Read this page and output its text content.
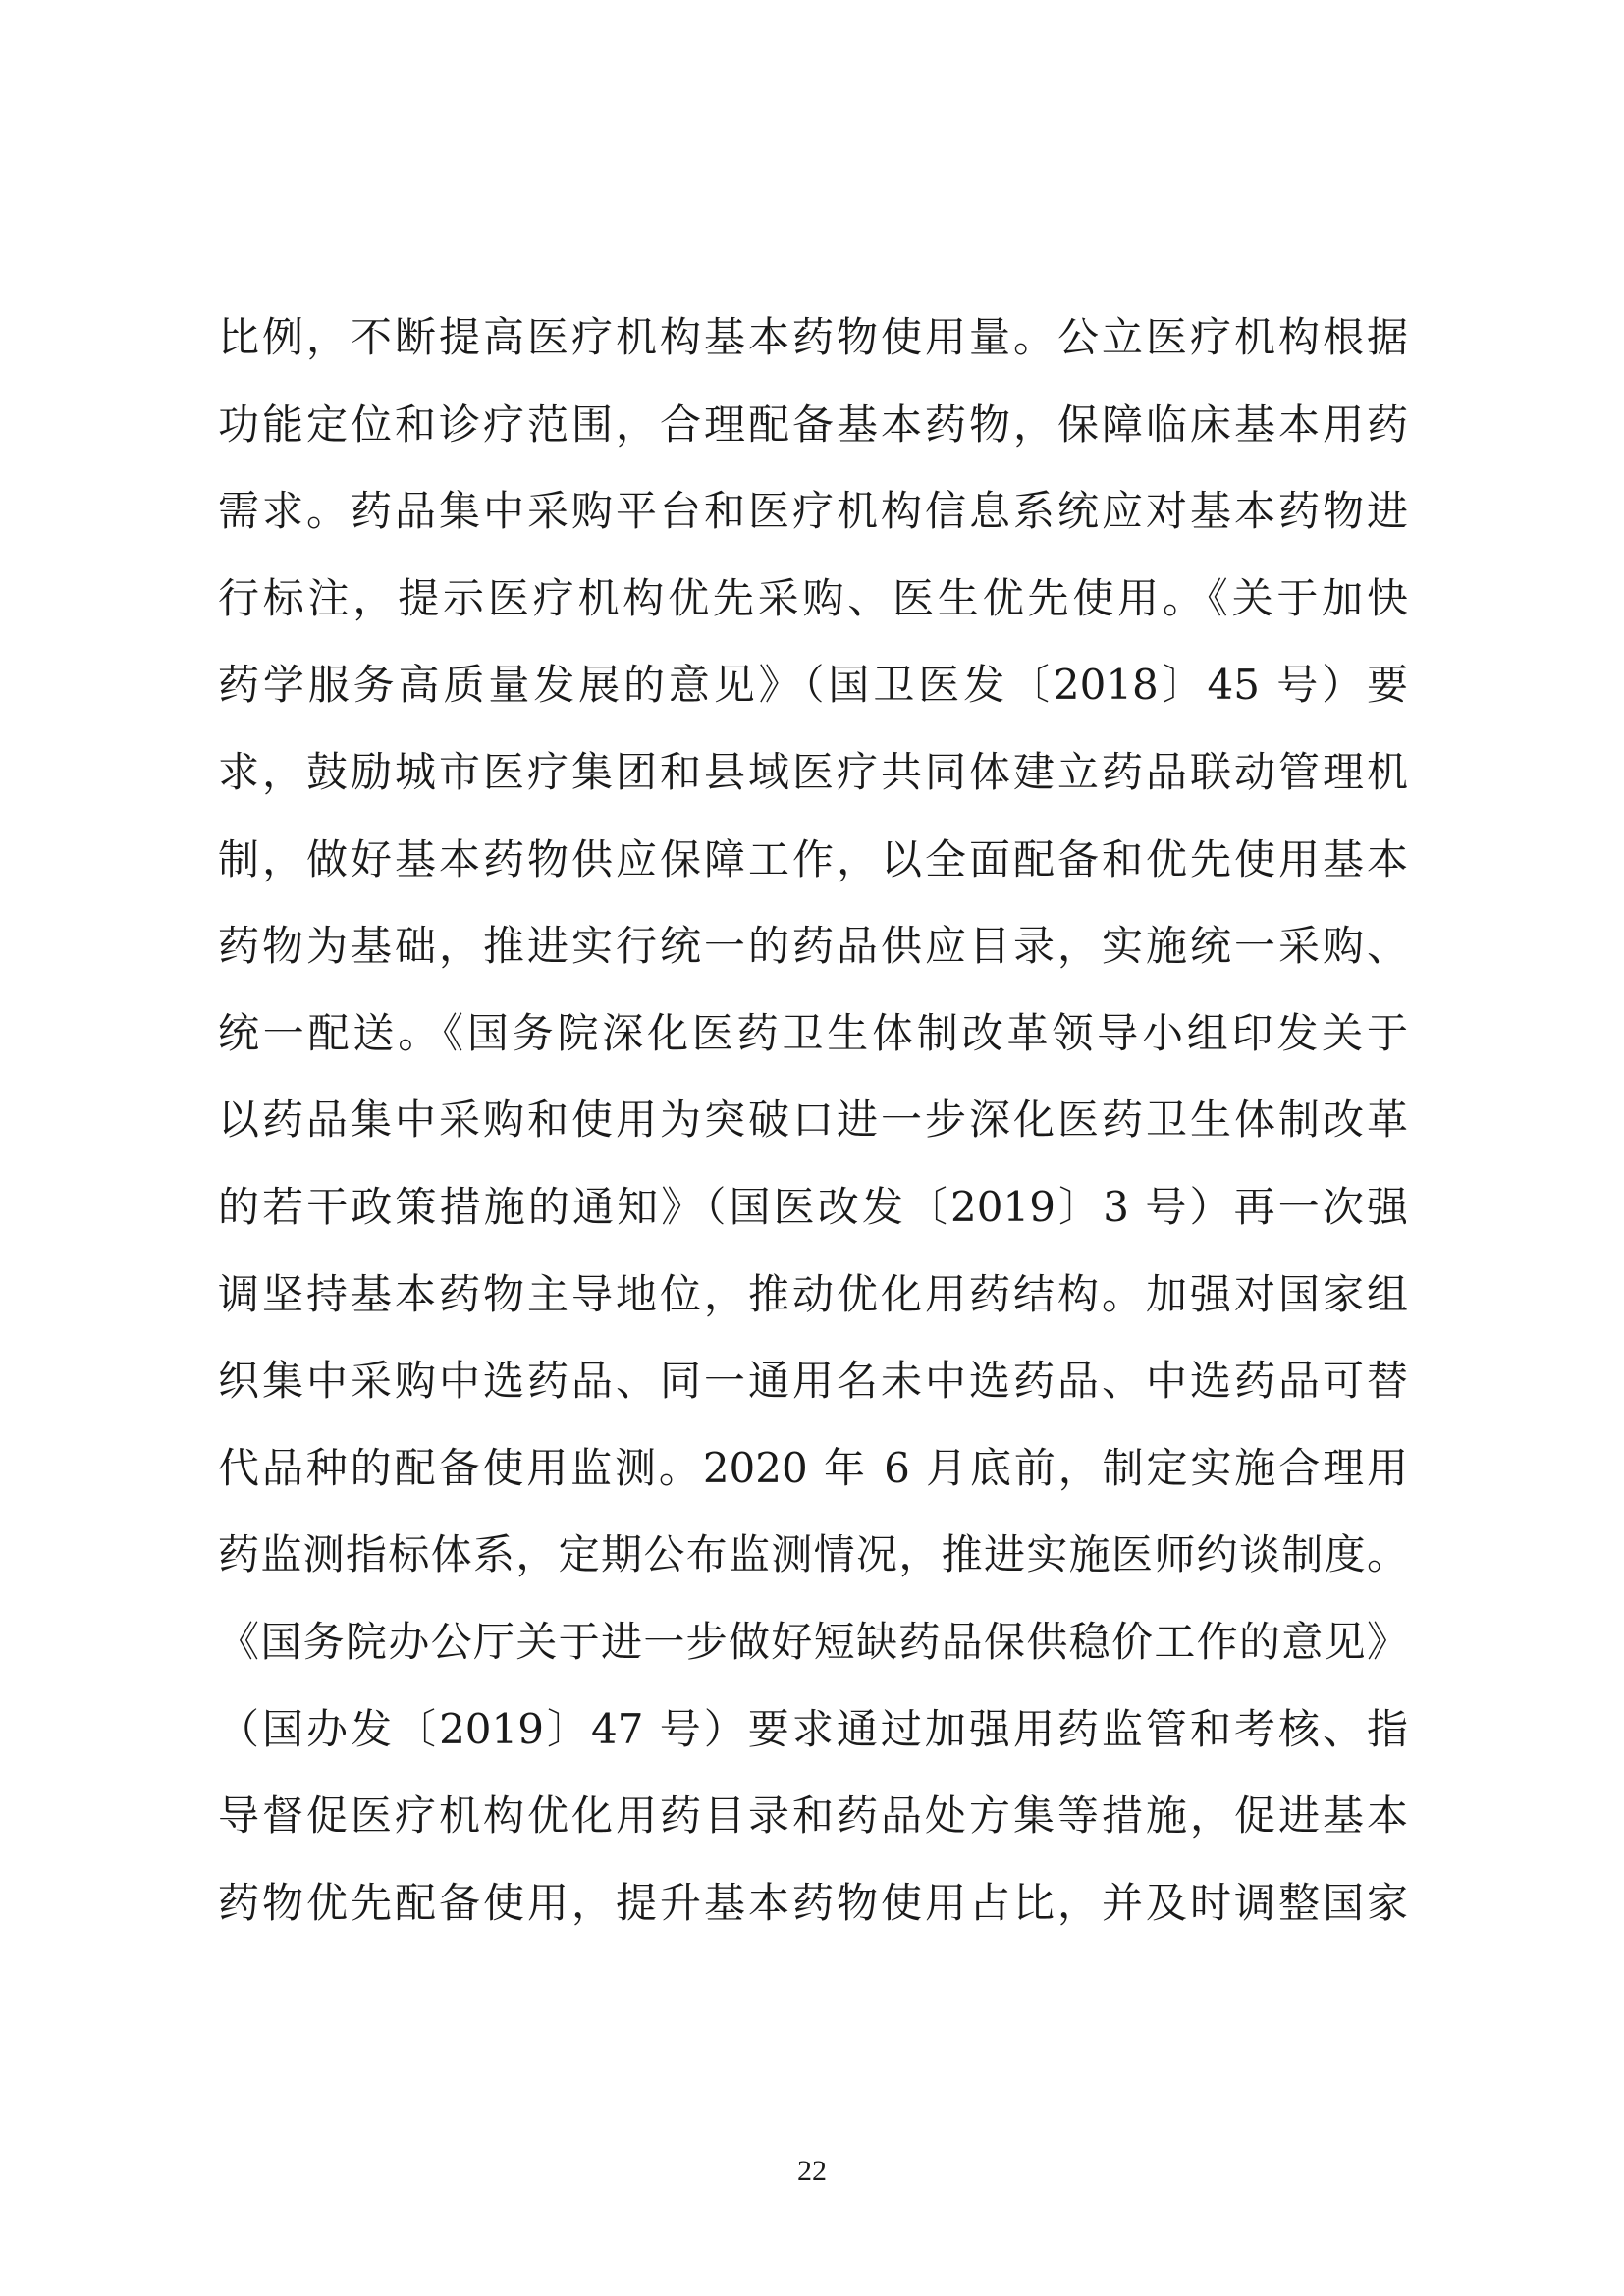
比例，不断提高医疗机构基本药物使用量。公立医疗机构根据
功能定位和诊疗范围，合理配备基本药物，保障临床基本用药
需求。药品集中采购平台和医疗机构信息系统应对基本药物进
行标注，提示医疗机构优先采购、医生优先使用。《关于加快
药学服务高质量发展的意见》（国卫医发〔2018〕45 号）要
求，鼓励城市医疗集团和县域医疗共同体建立药品联动管理机
制，做好基本药物供应保障工作，以全面配备和优先使用基本
药物为基础，推进实行统一的药品供应目录，实施统一采购、
统一配送。《国务院深化医药卫生体制改革领导小组印发关于
以药品集中采购和使用为突破口进一步深化医药卫生体制改革
的若干政策措施的通知》（国医改发〔2019〕3 号）再一次强
调坚持基本药物主导地位，推动优化用药结构。加强对国家组
织集中采购中选药品、同一通用名未中选药品、中选药品可替
代品种的配备使用监测。2020 年 6 月底前，制定实施合理用
药监测指标体系，定期公布监测情况，推进实施医师约谈制度。
《国务院办公厅关于进一步做好短缺药品保供稳价工作的意见》
（国办发〔2019〕47 号）要求通过加强用药监管和考核、指
导督促医疗机构优化用药目录和药品处方集等措施，促进基本
药物优先配备使用，提升基本药物使用占比，并及时调整国家
22
